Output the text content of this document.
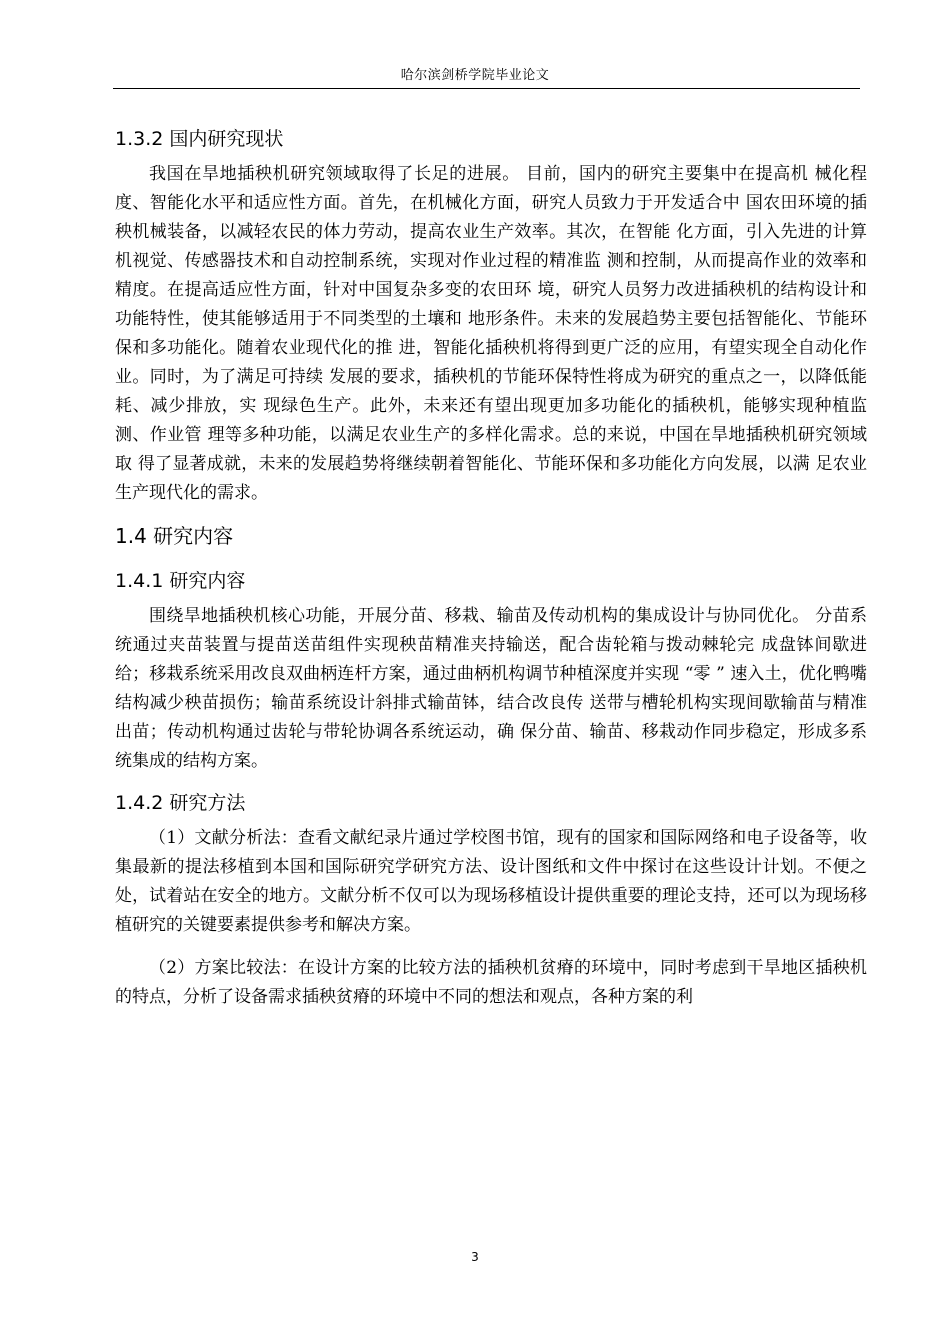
哈尔滨剑桥学院毕业论文
1.3.2 国内研究现状

我国在旱地插秧机研究领域取得了长足的进展。 目前，国内的研究主要集中在提高机 械化程度、智能化水平和适应性方面。首先，在机械化方面，研究人员致力于开发适合中 国农田环境的插秧机械装备，以减轻农民的体力劳动，提高农业生产效率。其次，在智能 化方面，引入先进的计算机视觉、传感器技术和自动控制系统，实现对作业过程的精准监 测和控制，从而提高作业的效率和精度。在提高适应性方面，针对中国复杂多变的农田环 境，研究人员努力改进插秧机的结构设计和功能特性，使其能够适用于不同类型的土壤和 地形条件。未来的发展趋势主要包括智能化、节能环保和多功能化。随着农业现代化的推 进，智能化插秧机将得到更广泛的应用，有望实现全自动化作业。同时，为了满足可持续 发展的要求，插秧机的节能环保特性将成为研究的重点之一，以降低能耗、减少排放，实 现绿色生产。此外，未来还有望出现更加多功能化的插秧机，能够实现种植监测、作业管 理等多种功能，以满足农业生产的多样化需求。总的来说，中国在旱地插秧机研究领域取 得了显著成就，未来的发展趋势将继续朝着智能化、节能环保和多功能化方向发展，以满 足农业生产现代化的需求。

1.4 研究内容
1.4.1 研究内容

围绕旱地插秧机核心功能，开展分苗、移栽、输苗及传动机构的集成设计与协同优化。 分苗系统通过夹苗装置与提苗送苗组件实现秧苗精准夹持输送，配合齿轮箱与拨动棘轮完 成盘钵间歇进给；移栽系统采用改良双曲柄连杆方案，通过曲柄机构调节种植深度并实现 “零 ” 速入土，优化鸭嘴结构减少秧苗损伤；输苗系统设计斜排式输苗钵，结合改良传 送带与槽轮机构实现间歇输苗与精准出苗；传动机构通过齿轮与带轮协调各系统运动，确 保分苗、输苗、移栽动作同步稳定，形成多系统集成的结构方案。

1.4.2 研究方法

（1）文献分析法：查看文献纪录片通过学校图书馆，现有的国家和国际网络和电子设备等，收集最新的提法移植到本国和国际研究学研究方法、设计图纸和文件中探讨在这些设计计划。不便之处，试着站在安全的地方。文献分析不仅可以为现场移植设计提供重要的理论支持，还可以为现场移植研究的关键要素提供参考和解决方案。

（2）方案比较法：在设计方案的比较方法的插秧机贫瘠的环境中，同时考虑到干旱地区插秧机的特点，分析了设备需求插秧贫瘠的环境中不同的想法和观点，各种方案的利

3
